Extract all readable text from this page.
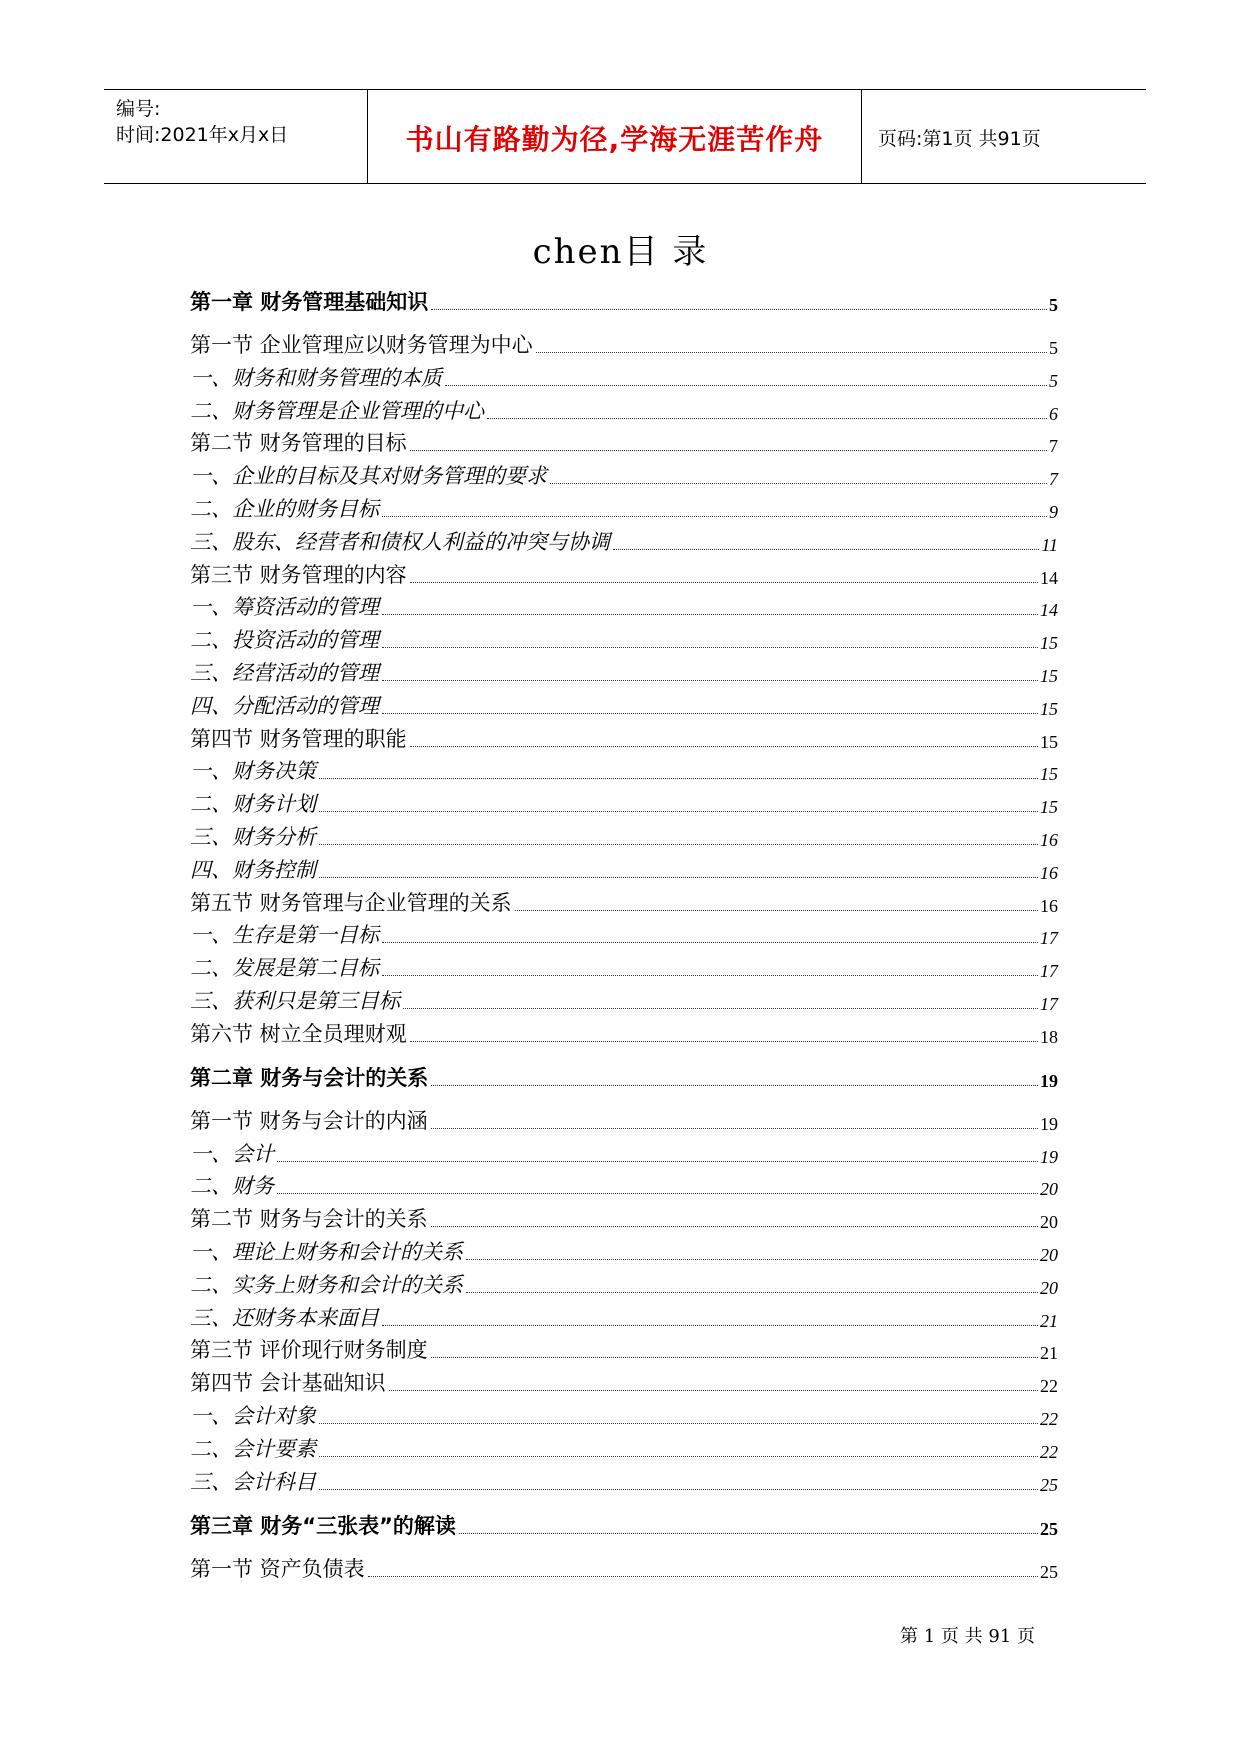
编号:
时间:2021年x月x日	书山有路勤为径,学海无涯苦作舟	页码:第1页 共91页
chen目 录
第一章 财务管理基础知识	5
第一节 企业管理应以财务管理为中心	5
一、财务和财务管理的本质	5
二、财务管理是企业管理的中心	6
第二节 财务管理的目标	7
一、企业的目标及其对财务管理的要求	7
二、企业的财务目标	9
三、股东、经营者和债权人利益的冲突与协调	11
第三节 财务管理的内容	14
一、筹资活动的管理	14
二、投资活动的管理	15
三、经营活动的管理	15
四、分配活动的管理	15
第四节 财务管理的职能	15
一、财务决策	15
二、财务计划	15
三、财务分析	16
四、财务控制	16
第五节 财务管理与企业管理的关系	16
一、生存是第一目标	17
二、发展是第二目标	17
三、获利只是第三目标	17
第六节 树立全员理财观	18
第二章 财务与会计的关系	19
第一节 财务与会计的内涵	19
一、会计	19
二、财务	20
第二节 财务与会计的关系	20
一、理论上财务和会计的关系	20
二、实务上财务和会计的关系	20
三、还财务本来面目	21
第三节 评价现行财务制度	21
第四节 会计基础知识	22
一、会计对象	22
二、会计要素	22
三、会计科目	25
第三章 财务“三张表”的解读	25
第一节 资产负债表	25
第 1 页 共 91 页
